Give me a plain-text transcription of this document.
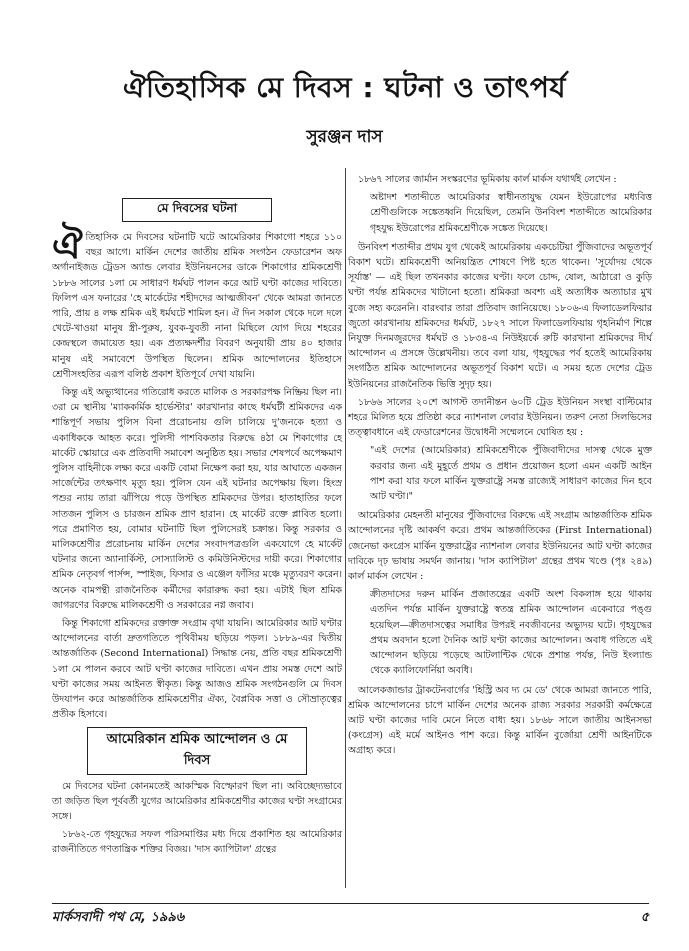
ঐতিহাসিক মে দিবস : ঘটনা ও তাৎপর্য
সুরঞ্জন দাস
মে দিবসের ঘটনা

ঐতিহাসিক মে দিবসের ঘটনাটি ঘটে আমেরিকার শিকাগো শহরে ১১০ বছর আগে। মার্কিন দেশের জাতীয় শ্রমিক সংগঠন ফেডারেশন অফ অর্গানাইজড ট্রেডস অ্যান্ড লেবার ইউনিয়নসের ডাকে শিকাগোর শ্রমিকশ্রেণী ১৮৮৬ সালের ১লা মে সাধারণ ধর্মঘট পালন করে আট ঘণ্টা কাজের দাবিতে। ফিলিপ এস ফনারের 'হে মার্কেটের শহীদদের আত্মজীবন' থেকে আমরা জানতে পারি, প্রায় ৪ লক্ষ শ্রমিক এই ধর্মঘটে শামিল হন। ঐ দিন সকাল থেকে দলে দলে খেটে-খাওয়া মানুষ স্ত্রী-পুরুষ, যুবক-যুবতী নানা মিছিলে যোগ দিয়ে শহরের কেন্দ্রস্থলে জমায়েত হয়। এক প্রত্যক্ষদর্শীর বিবরণ অনুযায়ী প্রায় ৪০ হাজার মানুষ এই সমাবেশে উপস্থিত ছিলেন। শ্রমিক আন্দোলনের ইতিহাসে শ্রেণীসংহতির এরূপ বলিষ্ঠ প্রকাশ ইতিপূর্বে দেখা যায়নি।

কিন্তু এই অভ্যুত্থানের গতিরোধ করতে মালিক ও সরকারপক্ষ নিষ্ক্রিয় ছিল না। ৩রা মে স্থানীয় 'ম্যাককর্মিক হার্ভেস্টার' কারখানার কাছে ধর্মঘটী শ্রমিকদের এক শান্তিপূর্ণ সভায় পুলিস বিনা প্ররোচনায় গুলি চালিয়ে দু'জনকে হত্যা ও একাধিককে আহত করে। পুলিসী পাশবিকতার বিরুদ্ধে ৪ঠা মে শিকাগোর হে মার্কেট স্কোয়ারে এক প্রতিবাদী সমাবেশ অনুষ্ঠিত হয়। সভার শেষপর্বে অপেক্ষমাণ পুলিস বাহিনীকে লক্ষ্য করে একটি বোমা নিক্ষেপ করা হয়, যার আঘাতে একজন সার্জেন্টের তৎক্ষণাৎ মৃত্যু হয়। পুলিস যেন এই ঘটনার অপেক্ষায় ছিল। হিংস্র পশুর ন্যায় তারা ঝাঁপিয়ে পড়ে উপস্থিত শ্রমিকদের উপর। হাতাহাতির ফলে সাতজন পুলিস ও চারজন শ্রমিক প্রাণ হারান। হে মার্কেট রক্তে প্লাবিত হলো। পরে প্রমাণিত হয়, বোমার ঘটনাটি ছিল পুলিসেরই চক্রান্ত। কিন্তু সরকার ও মালিকশ্রেণীর প্ররোচনায় মার্কিন দেশের সংবাদপত্রগুলি একযোগে হে মার্কেট ঘটনার জন্যে অ্যানার্কিস্ট, সোস্যালিস্ট ও কমিউনিস্টদের দায়ী করে। শিকাগোর শ্রমিক নেতৃবর্গ পার্সন্স, স্পাইজ, ফিসার ও এঞ্জেল ফাঁসির মঞ্চে মৃত্যুবরণ করেন। অনেক বামপন্থী রাজনৈতিক কর্মীদের কারারুদ্ধ করা হয়। এটাই ছিল শ্রমিক জাগরণের বিরুদ্ধে মালিকশ্রেণী ও সরকারের নগ্ন জবাব।

কিন্তু শিকাগো শ্রমিকদের রক্তাক্ত সংগ্রাম বৃথা যায়নি। আমেরিকার আট ঘণ্টার আন্দোলনের বার্তা দ্রুতগতিতে পৃথিবীময় ছড়িয়ে পড়ল। ১৮৮৯-এর দ্বিতীয় আন্তর্জাতিক (Second International) সিদ্ধান্ত নেয়, প্রতি বছর শ্রমিকশ্রেণী ১লা মে পালন করবে আট ঘণ্টা কাজের দাবিতে। এখন প্রায় সমস্ত দেশে আট ঘণ্টা কাজের সময় আইনত স্বীকৃত। কিন্তু আজও শ্রমিক সংগঠনগুলি মে দিবস উদযাপন করে আন্তর্জাতিক শ্রমিকশ্রেণীর ঐক্য, বৈপ্লবিক সত্তা ও সৌভ্রাতৃত্বের প্রতীক হিসাবে।

আমেরিকান শ্রমিক আন্দোলন ও মে দিবস

মে দিবসের ঘটনা কোনমতেই আকস্মিক বিস্ফোরণ ছিল না। অবিচ্ছেদ্যভাবে তা জড়িত ছিল পূর্ববর্তী যুগের আমেরিকার শ্রমিকশ্রেণীর কাজের ঘণ্টা সংগ্রামের সঙ্গে।

১৮৬২-তে গৃহযুদ্ধের সফল পরিসমাপ্তির মধ্য দিয়ে প্রকাশিত হয় আমেরিকার রাজনীতিতে গণতান্ত্রিক শক্তির বিজয়। 'দাস ক্যাপিটাল' গ্রন্থের

১৮৬৭ সালের জার্মান সংস্করণের ভূমিকায় কার্ল মার্কস যথার্থই লেখেন :

অষ্টাদশ শতাব্দীতে আমেরিকার স্বাধীনতাযুদ্ধ যেমন ইউরোপের মধ্যবিত্ত শ্রেণীগুলিকে সঙ্কেতধ্বনি দিয়েছিল, তেমনি উনবিংশ শতাব্দীতে আমেরিকার গৃহযুদ্ধ ইউরোপের শ্রমিকশ্রেণীকে সঙ্কেত দিয়েছে।

উনবিংশ শতাব্দীর প্রথম যুগ থেকেই আমেরিকায় একচেটিয়া পুঁজিবাদের অভূতপূর্ব বিকাশ ঘটে। শ্রমিকশ্রেণী অনিয়ন্ত্রিত শোষণে পিষ্ট হতে থাকেন। 'সূর্যোদয় থেকে সূর্যাস্ত' — এই ছিল তখনকার কাজের ঘণ্টা। ফলে চোদ্দ, ষোল, আঠারো ও কুড়ি ঘণ্টা পর্যন্ত শ্রমিকদের খাটানো হতো। শ্রমিকরা অবশ্য এই অত্যধিক অত্যাচার মুখ বুজে সহ্য করেননি। বারংবার তারা প্রতিবাদ জানিয়েছে। ১৮০৬-এ ফিলাডেলফিয়ার জুতো কারখানায় শ্রমিকদের ধর্মঘট, ১৮২৭ সালে ফিলাডেলফিয়ায় গৃহনির্মাণ শিল্পে নিযুক্ত দিনমজুরদের ধর্মঘট ও ১৮৩৪-এ নিউইয়র্কে রুটি কারখানা শ্রমিকদের দীর্ঘ আন্দোলন এ প্রসঙ্গে উল্লেখনীয়। তবে বলা যায়, গৃহযুদ্ধের পর্ব হতেই আমেরিকায় সংগঠিত শ্রমিক আন্দোলনের অভূতপূর্ব বিকাশ ঘটে। এ সময় হতে দেশের ট্রেড ইউনিয়নের রাজনৈতিক ভিত্তি সুদৃঢ় হয়।

১৮৬৬ সালের ২০শে আগস্ট তদানীন্তন ৬০টি ট্রেড ইউনিয়ন সংস্থা বাল্টিমোর শহরে মিলিত হয়ে প্রতিষ্ঠা করে ন্যাশনাল লেবার ইউনিয়ন। তরুণ নেতা সিলভিসের তত্ত্বাবধানে এই ফেডারেশনের উদ্বোধনী সম্মেলনে ঘোষিত হয় :

"এই দেশের (আমেরিকার) শ্রমিকশ্রেণীকে পুঁজিবাদীদের দাসত্ব থেকে মুক্ত করবার জন্য এই মুহূর্তে প্রথম ও প্রধান প্রয়োজন হলো এমন একটি আইন পাশ করা যার ফলে মার্কিন যুক্তরাষ্ট্রে সমস্ত রাজ্যেই সাধারণ কাজের দিন হবে আট ঘণ্টা।"

আমেরিকার মেহনতী মানুষের পুঁজিবাদের বিরুদ্ধে এই সংগ্রাম আন্তর্জাতিক শ্রমিক আন্দোলনের দৃষ্টি আকর্ষণ করে। প্রথম আন্তর্জাতিকের (First International) জেনেভা কংগ্রেস মার্কিন যুক্তরাষ্ট্রের ন্যাশনাল লেবার ইউনিয়নের আট ঘণ্টা কাজের দাবিকে দৃঢ় ভাষায় সমর্থন জানায়। 'দাস ক্যাপিটাল' গ্রন্থের প্রথম খণ্ডে (পৃঃ ২৪৯) কার্ল মার্কস লেখেন :

ক্রীতদাসের দরুন মার্কিন প্রজাতন্ত্রের একটি অংশ বিকলাঙ্গ হয়ে থাকায় এতদিন পর্যন্ত মার্কিন যুক্তরাষ্ট্রে স্বতন্ত্র শ্রমিক আন্দোলন একেবারে পঙ্গু হয়েছিল—ক্রীতদাসত্বের সমাধির উপরই নবজীবনের অভ্যুদয় ঘটে। গৃহযুদ্ধের প্রথম অবদান হলো দৈনিক আট ঘণ্টা কাজের আন্দোলন। অবাধ গতিতে এই আন্দোলন ছড়িয়ে পড়েছে আটলান্টিক থেকে প্রশান্ত পর্যন্ত, নিউ ইংল্যান্ড থেকে ক্যালিফোর্নিয়া অবধি।

আলেকজান্ডার ট্রাকটেনবার্গের 'হিস্ট্রি অব দ্য মে ডে' থেকে আমরা জানতে পারি, শ্রমিক আন্দোলনের চাপে মার্কিন দেশের অনেক রাজ্য সরকার সরকারী কর্মক্ষেত্রে আট ঘণ্টা কাজের দাবি মেনে নিতে বাধ্য হয়। ১৮৬৮ সালে জাতীয় আইনসভা (কংগ্রেস) এই মর্মে আইনও পাশ করে। কিন্তু মার্কিন বুর্জোয়া শ্রেণী আইনটিকে অগ্রাহ্য করে।

মার্কসবাদী পথ মে, ১৯৯৬	৫
